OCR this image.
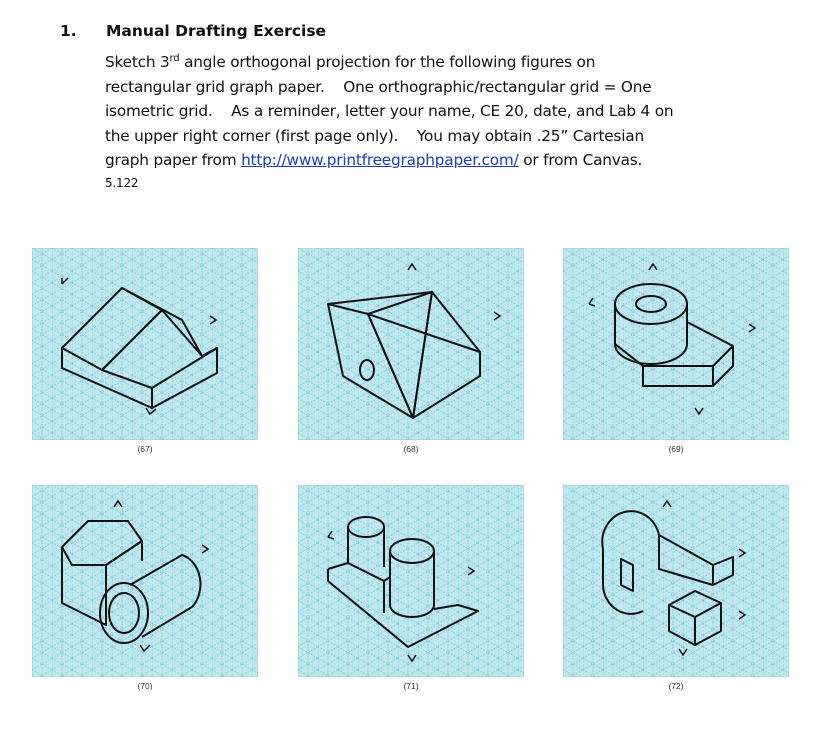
1. Manual Drafting Exercise

Sketch 3rd angle orthogonal projection for the following figures on

rectangular grid graph paper.    One orthographic/rectangular grid = One

isometric grid.    As a reminder, letter your name, CE 20, date, and Lab 4 on

the upper right corner (first page only).    You may obtain .25” Cartesian

graph paper from http://www.printfreegraphpaper.com/ or from Canvas.

5.122

(67)	(68)	(69)
(70)	(71)	(72)
